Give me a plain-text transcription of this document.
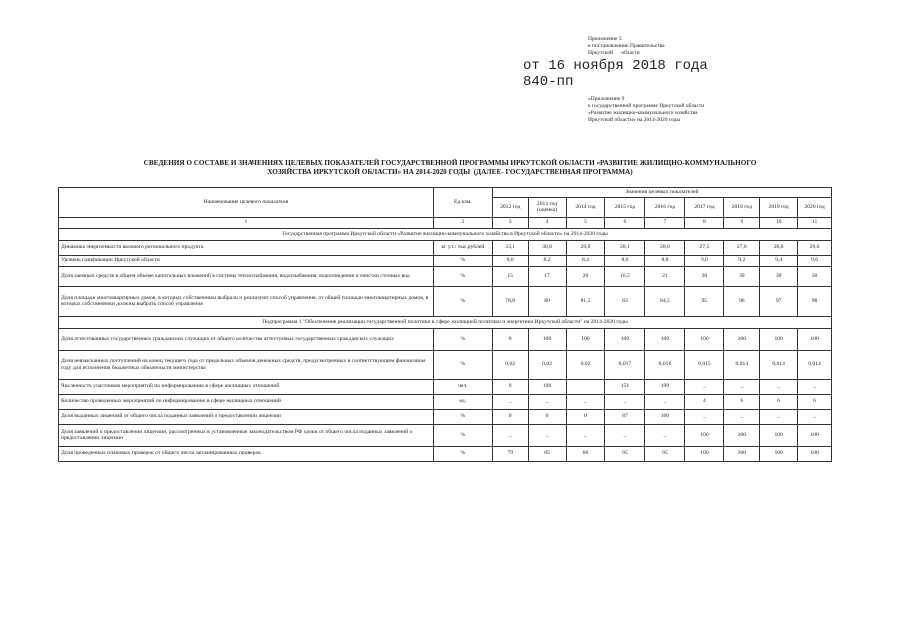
Приложение 3
к постановлению Правительства
Иркутской      области
от 16 ноября 2018 года
840-пп
«Приложение 9
к государственной программе Иркутской области
«Развитие жилищно-коммунального хозяйства
Иркутской области» на 2014-2020 годы
СВЕДЕНИЯ О СОСТАВЕ И ЗНАЧЕНИЯХ ЦЕЛЕВЫХ ПОКАЗАТЕЛЕЙ ГОСУДАРСТВЕННОЙ ПРОГРАММЫ ИРКУТСКОЙ ОБЛАСТИ «РАЗВИТИЕ ЖИЛИЩНО-КОММУНАЛЬНОГО
ХОЗЯЙСТВА ИРКУТСКОЙ ОБЛАСТИ» НА 2014-2020 ГОДЫ  (ДАЛЕЕ- ГОСУДАРСТВЕННАЯ ПРОГРАММА)
Наименование целевого показателя	Ед.изм.	Значения целевых показателей								
		2012 год	2013 год (оценка)	2014 год	2015 год	2016 год	2017 год	2018 год	2019 год	2020 год
1	2	3	4	5	6	7	8	9	10	11
Государственная программа Иркутской области «Развитие жилищно-коммунального хозяйства в Иркутской области» на 2014-2020 годы										
Динамика энергоемкости валового регионального продукта	кг у.т./ тыс.рублей	33,1	30,8	29,0	28,1	28,0	27,5	27,0	26,8	26,6
Уровень газификации Иркутской области	%	8,0	8,2	8,4	8,6	8,8	9,0	9,2	9,4	9,6
Доля заемных средств в общем объеме капитальных вложений в системы теплоснабжения, водоснабжения, водоотведения и очистки сточных вод	%	15	17	20	16,5	21	30	30	30	30
Доля площади многоквартирных домов, в которых собственники выбрали и реализуют способ управления, от общей площади многоквартирных домов, в которых собственники должны выбрать способ управления	%	78,8	80	81,5	83	84,5	95	96	97	98
Подпрограмма 1 "Обеспечение реализации государственной политики в сфере жилищной политики и энергетики Иркутской области" на 2014-2020 годы										
Доля аттестованных государственных гражданских служащих от общего количества аттестуемых государственных гражданских служащих	%	0	100	100	100	100	100	100	100	100
Доля невзысканных поступлений на конец текущего года от предельных объемов денежных средств, предусмотренных в соответствующем финансовом году для исполнения бюджетных обязательств министерства	%	0,02	0,02	0,02	0,017	0,016	0,015	0,014	0,014	0,014
Численность участников мероприятий по информированию в сфере жилищных отношений	чел.	0	190		151	190	_	_	_	_
Количество проведенных мероприятий по информированию в сфере жилищных отношений	ед.	_	_	_	_	_	4	6	6	6
Доля выданных лицензий от общего числа поданных заявлений о предоставлении лицензии	%	0	0	0	87	100	_	_	_	_
Доля заявлений о предоставлении лицензии, рассмотренных в установленные законодательством РФ сроки от общего числа поданных заявлений о предоставлении лицензии	%	_	_	_	_	_	100	100	100	100
Доля проведенных плановых проверок от общего числа запланированных проверок	%	79	85	66	95	95	100	100	100	100
